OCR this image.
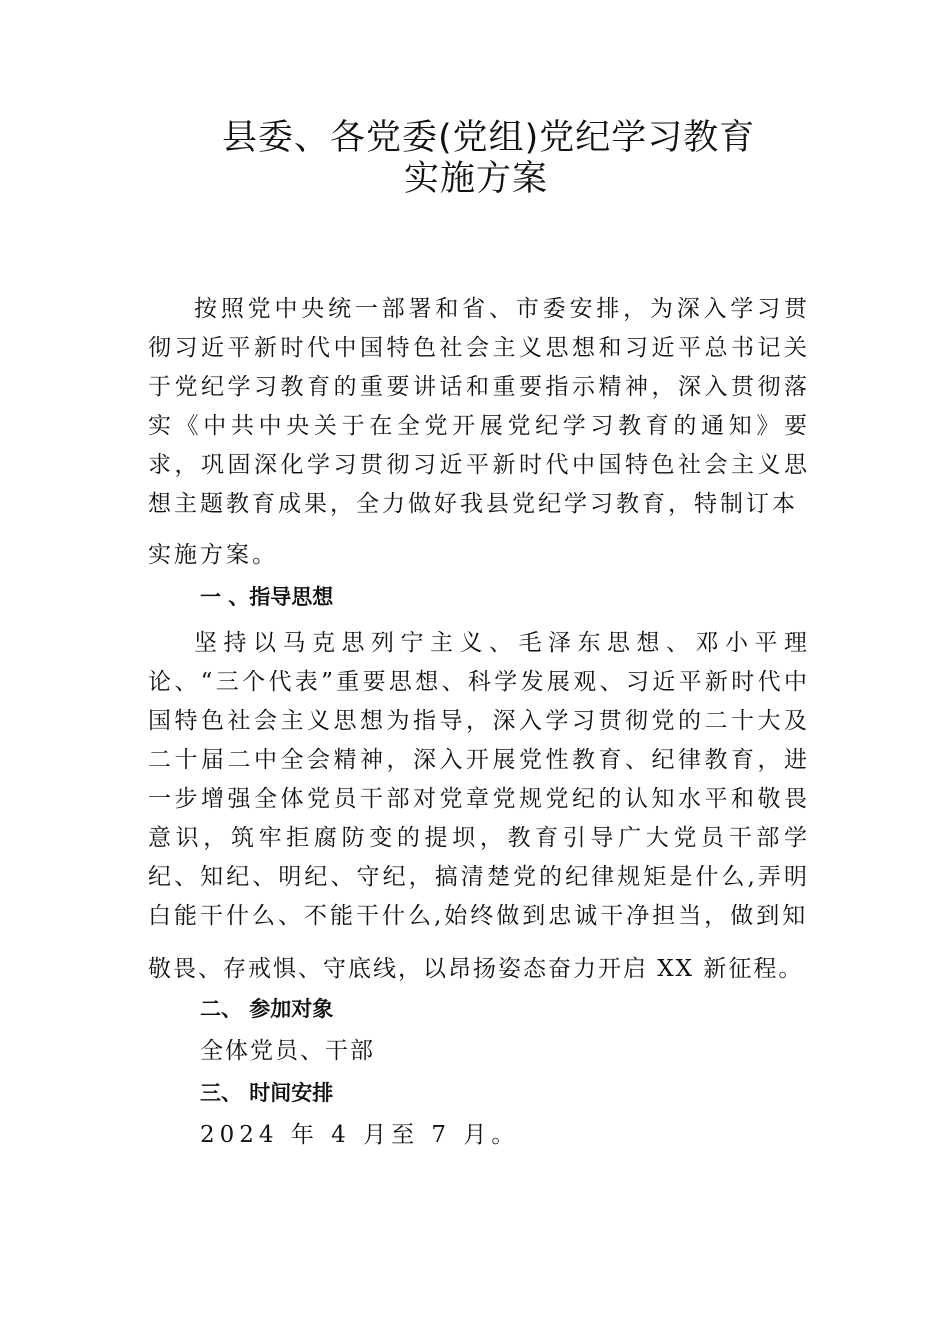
县委、各党委(党组)党纪学习教育
实施方案

按照党中央统一部署和省、市委安排，为深入学习贯彻习近平新时代中国特色社会主义思想和习近平总书记关于党纪学习教育的重要讲话和重要指示精神，深入贯彻落实《中共中央关于在全党开展党纪学习教育的通知》要求，巩固深化学习贯彻习近平新时代中国特色社会主义思想主题教育成果，全力做好我县党纪学习教育，特制订本

实施方案。

一 、指导思想

坚持以马克思列宁主义、毛泽东思想、邓小平理论、“三个代表”重要思想、科学发展观、习近平新时代中国特色社会主义思想为指导，深入学习贯彻党的二十大及二十届二中全会精神，深入开展党性教育、纪律教育，进一步增强全体党员干部对党章党规党纪的认知水平和敬畏意识，筑牢拒腐防变的提坝，教育引导广大党员干部学纪、知纪、明纪、守纪，搞清楚党的纪律规矩是什么,弄明白能干什么、不能干什么,始终做到忠诚干净担当，做到知

敬畏、存戒惧、守底线，以昂扬姿态奋力开启 XX 新征程。

二、 参加对象

全体党员、干部

三、 时间安排

2024 年 4 月至 7 月。
